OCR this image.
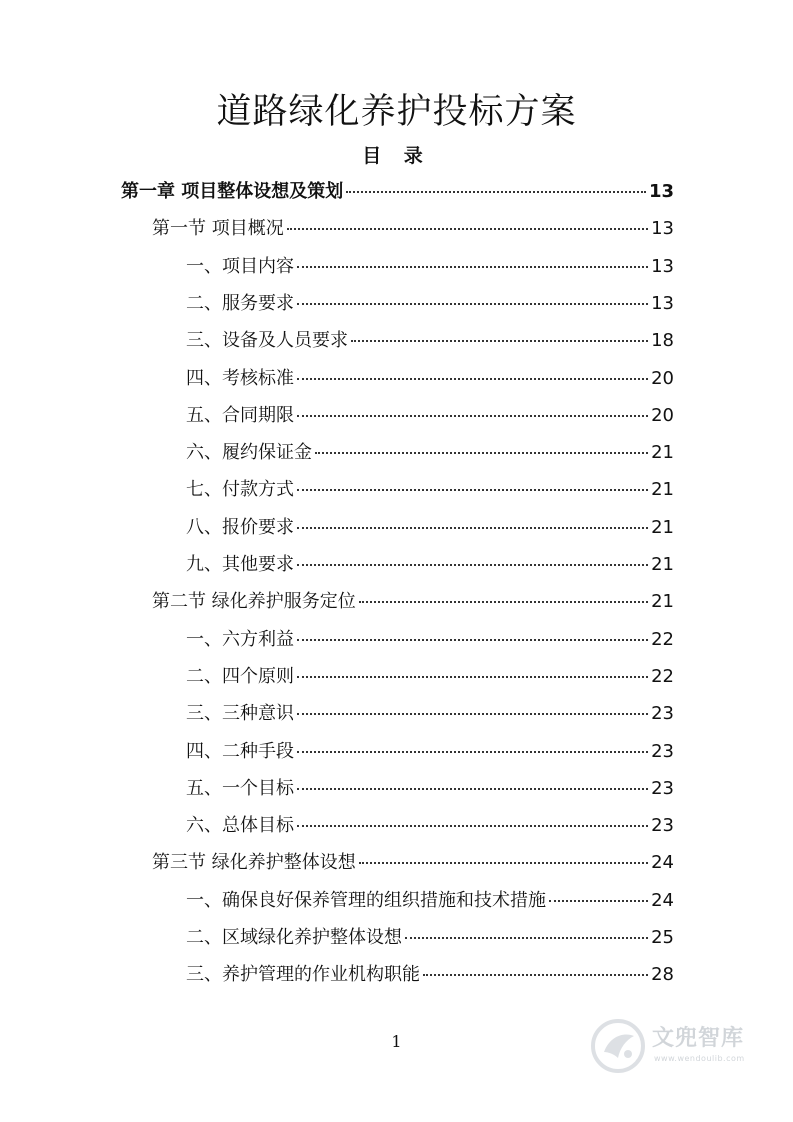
道路绿化养护投标方案
目 录
第一章 项目整体设想及策划	13
第一节 项目概况	13
一、项目内容	13
二、服务要求	13
三、设备及人员要求	18
四、考核标准	20
五、合同期限	20
六、履约保证金	21
七、付款方式	21
八、报价要求	21
九、其他要求	21
第二节 绿化养护服务定位	21
一、六方利益	22
二、四个原则	22
三、三种意识	23
四、二种手段	23
五、一个目标	23
六、总体目标	23
第三节 绿化养护整体设想	24
一、确保良好保养管理的组织措施和技术措施	24
二、区域绿化养护整体设想	25
三、养护管理的作业机构职能	28
1	文兜智库
www.wendoulib.com
